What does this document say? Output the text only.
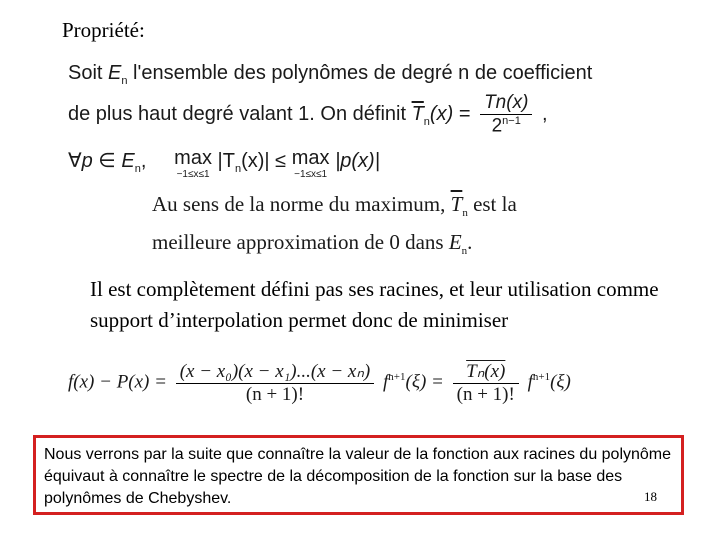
Propriété:
Soit $E_n$ l'ensemble des polynômes de degré n de coefficient
de plus haut degré valant 1. On définit $\overline{T}_n(x) = \frac{Tn(x)}{2^{n-1}}$ ,
∀p ∈ $E_n$, max
−1≤x≤1
$|T_n(x)| \le \max$
−1≤x≤1
|p(x)|
Au sens de la norme du maximum, $\overline{T}_n$ est la
meilleure approximation de 0 dans $E_n$.
Il est complètement défini pas ses racines, et leur utilisation comme support d’interpolation permet donc de minimiser
$f(x) - P(x) = \frac{\text{(x − x₀)(x − x₁)...(x − xₙ)}}{(n + 1)!} f^{n+1}(\xi) = \frac{\text{Tₙ(x)}}{(n + 1)!} f^{n+1}(\xi)$
Nous verrons par la suite que connaître la valeur de la fonction aux racines du polynôme équivaut à connaître le spectre de la décomposition de la fonction sur la base des polynômes de Chebyshev.	18
